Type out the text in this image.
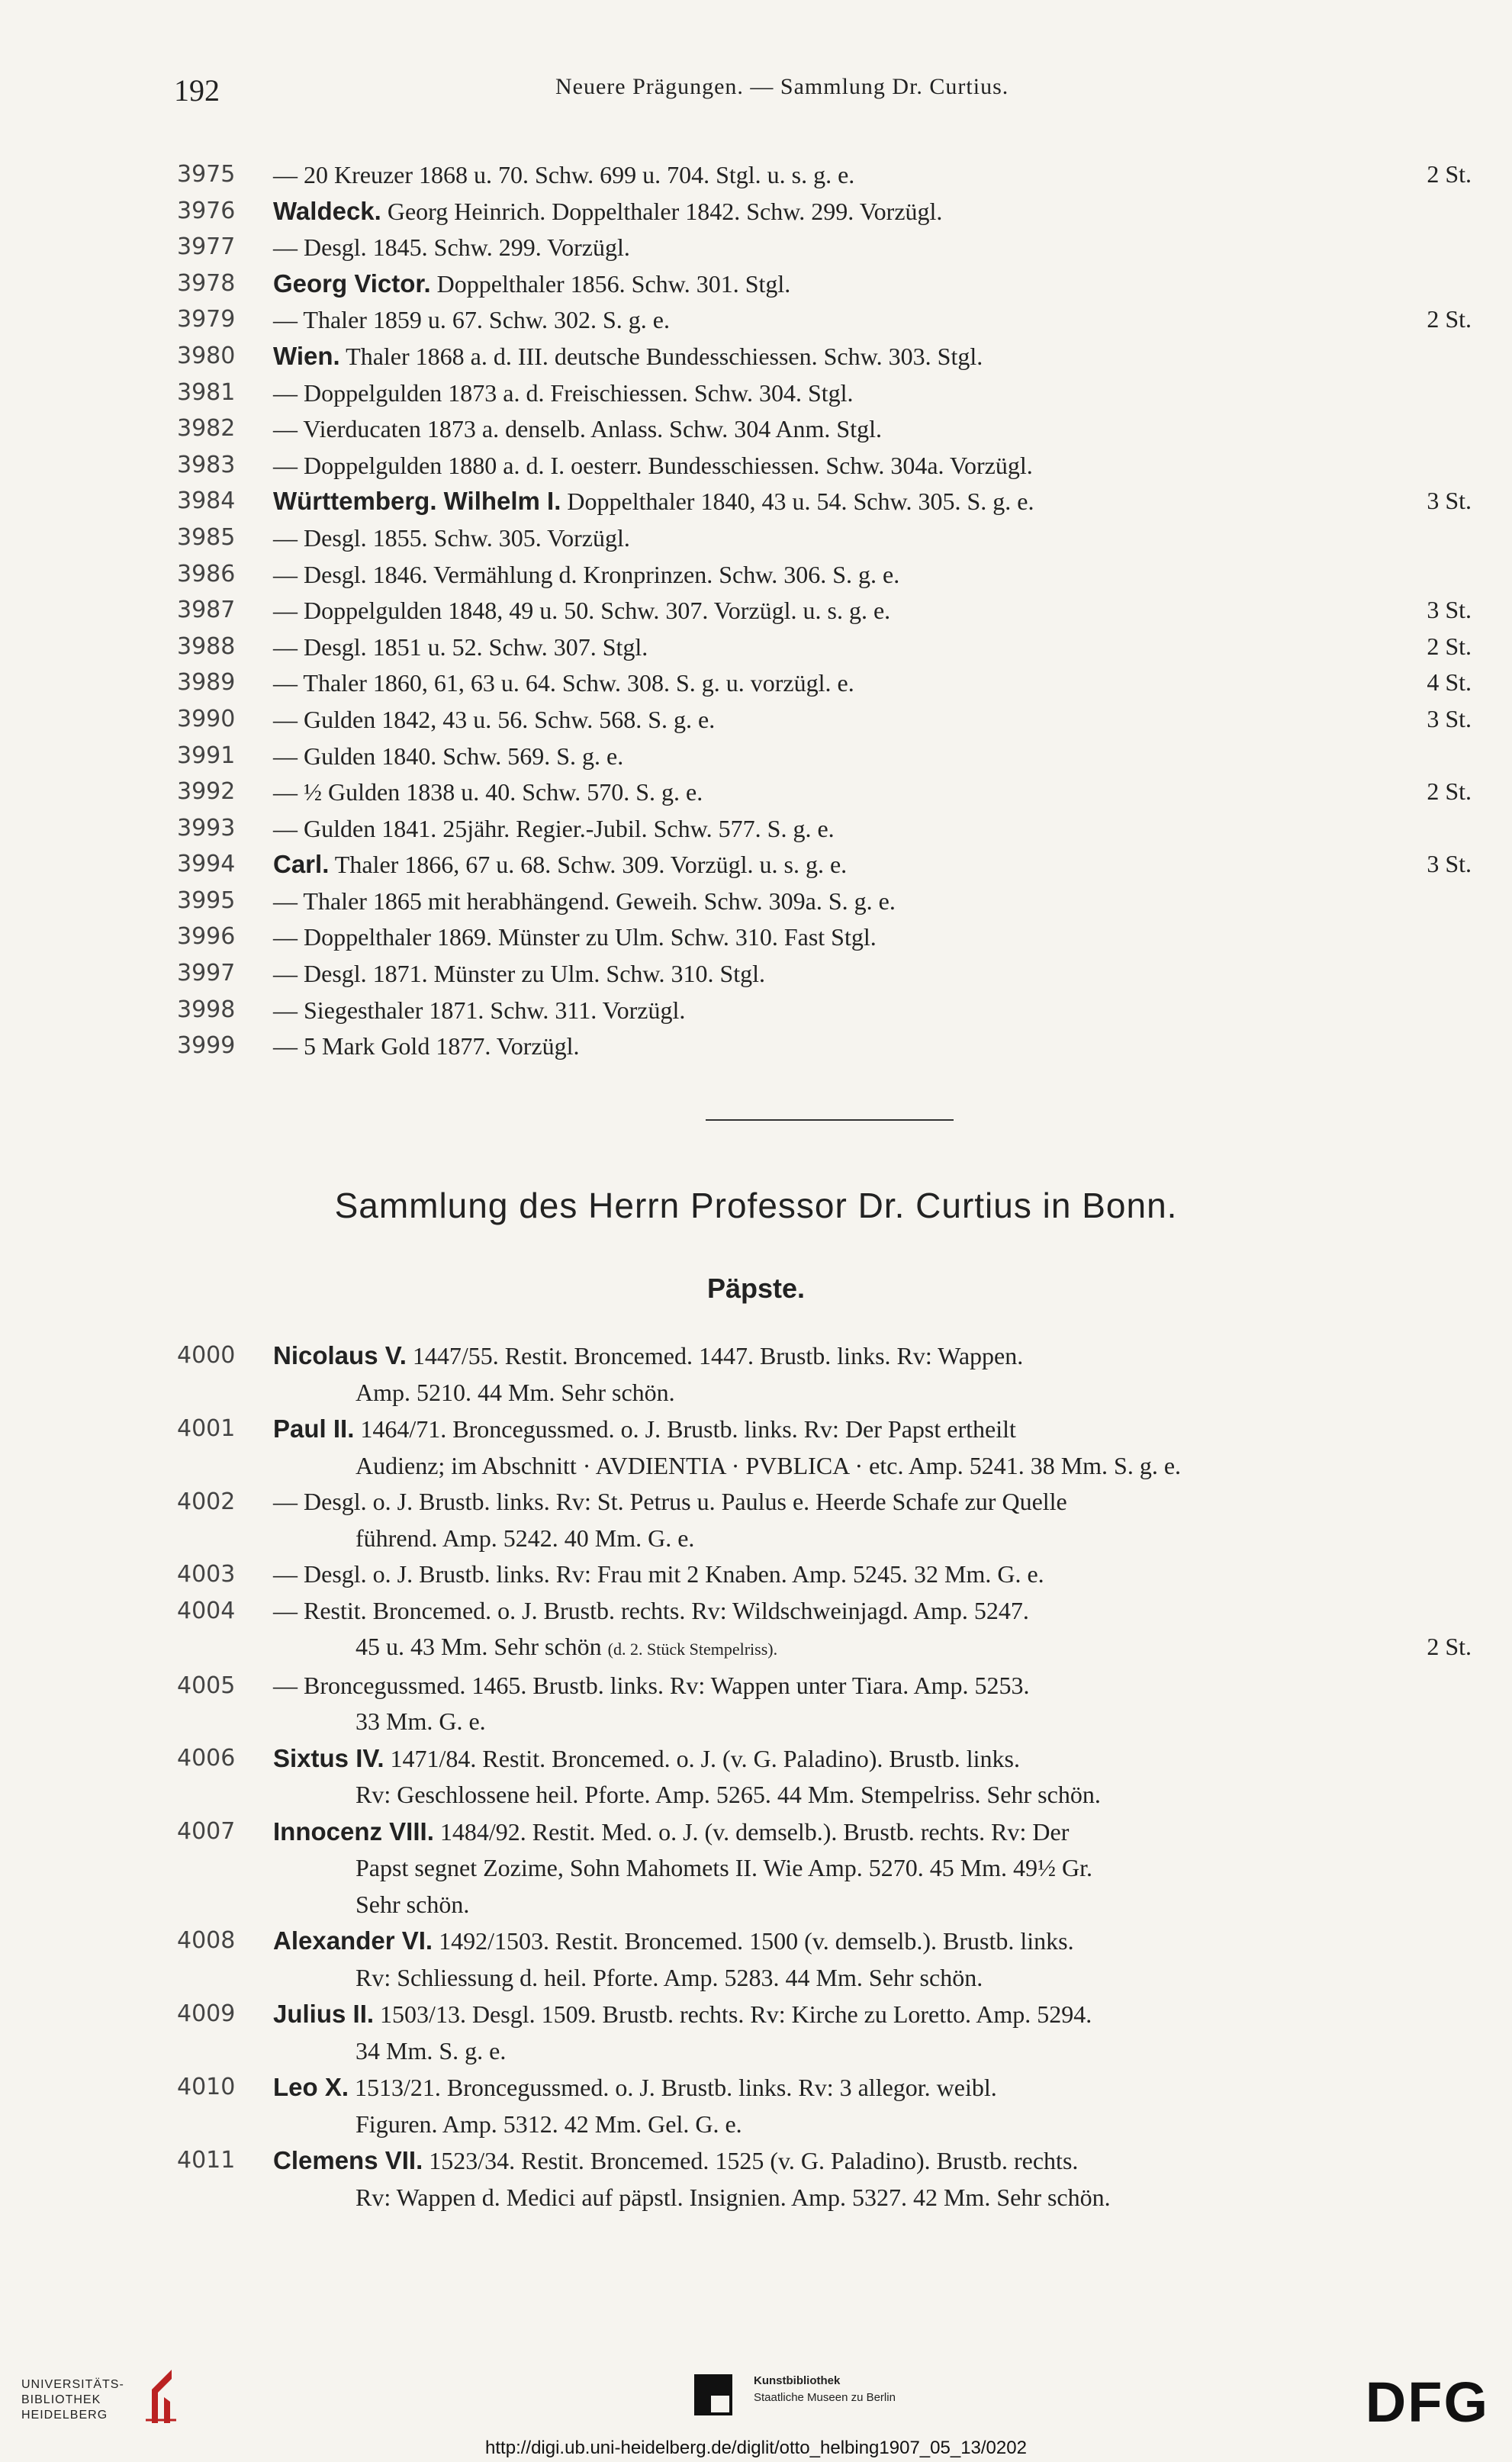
192	Neuere Prägungen. — Sammlung Dr. Curtius.
3975	— 20 Kreuzer 1868 u. 70. Schw. 699 u. 704. Stgl. u. s. g. e.	2 St.
3976	Waldeck. Georg Heinrich. Doppelthaler 1842. Schw. 299. Vorzügl.
3977	— Desgl. 1845. Schw. 299. Vorzügl.
3978	Georg Victor. Doppelthaler 1856. Schw. 301. Stgl.
3979	— Thaler 1859 u. 67. Schw. 302. S. g. e.	2 St.
3980	Wien. Thaler 1868 a. d. III. deutsche Bundesschiessen. Schw. 303. Stgl.
3981	— Doppelgulden 1873 a. d. Freischiessen. Schw. 304. Stgl.
3982	— Vierducaten 1873 a. denselb. Anlass. Schw. 304 Anm. Stgl.
3983	— Doppelgulden 1880 a. d. I. oesterr. Bundesschiessen. Schw. 304a. Vorzügl.
3984	Württemberg. Wilhelm I. Doppelthaler 1840, 43 u. 54. Schw. 305. S. g. e.	3 St.
3985	— Desgl. 1855. Schw. 305. Vorzügl.
3986	— Desgl. 1846. Vermählung d. Kronprinzen. Schw. 306. S. g. e.
3987	— Doppelgulden 1848, 49 u. 50. Schw. 307. Vorzügl. u. s. g. e.	3 St.
3988	— Desgl. 1851 u. 52. Schw. 307. Stgl.	2 St.
3989	— Thaler 1860, 61, 63 u. 64. Schw. 308. S. g. u. vorzügl. e.	4 St.
3990	— Gulden 1842, 43 u. 56. Schw. 568. S. g. e.	3 St.
3991	— Gulden 1840. Schw. 569. S. g. e.
3992	— ½ Gulden 1838 u. 40. Schw. 570. S. g. e.	2 St.
3993	— Gulden 1841. 25jähr. Regier.-Jubil. Schw. 577. S. g. e.
3994	Carl. Thaler 1866, 67 u. 68. Schw. 309. Vorzügl. u. s. g. e.	3 St.
3995	— Thaler 1865 mit herabhängend. Geweih. Schw. 309a. S. g. e.
3996	— Doppelthaler 1869. Münster zu Ulm. Schw. 310. Fast Stgl.
3997	— Desgl. 1871. Münster zu Ulm. Schw. 310. Stgl.
3998	— Siegesthaler 1871. Schw. 311. Vorzügl.
3999	— 5 Mark Gold 1877. Vorzügl.
Sammlung des Herrn Professor Dr. Curtius in Bonn.
Päpste.
4000	Nicolaus V. 1447/55. Restit. Broncemed. 1447. Brustb. links. Rv: Wappen.
Amp. 5210. 44 Mm. Sehr schön.
4001	Paul II. 1464/71. Broncegussmed. o. J. Brustb. links. Rv: Der Papst ertheilt
Audienz; im Abschnitt · AVDIENTIA · PVBLICA · etc. Amp. 5241. 38 Mm. S. g. e.
4002	— Desgl. o. J. Brustb. links. Rv: St. Petrus u. Paulus e. Heerde Schafe zur Quelle
führend. Amp. 5242. 40 Mm. G. e.
4003	— Desgl. o. J. Brustb. links. Rv: Frau mit 2 Knaben. Amp. 5245. 32 Mm. G. e.
4004	— Restit. Broncemed. o. J. Brustb. rechts. Rv: Wildschweinjagd. Amp. 5247.
45 u. 43 Mm. Sehr schön (d. 2. Stück Stempelriss).	2 St.
4005	— Broncegussmed. 1465. Brustb. links. Rv: Wappen unter Tiara. Amp. 5253.
33 Mm. G. e.
4006	Sixtus IV. 1471/84. Restit. Broncemed. o. J. (v. G. Paladino). Brustb. links.
Rv: Geschlossene heil. Pforte. Amp. 5265. 44 Mm. Stempelriss. Sehr schön.
4007	Innocenz VIII. 1484/92. Restit. Med. o. J. (v. demselb.). Brustb. rechts. Rv: Der
Papst segnet Zozime, Sohn Mahomets II. Wie Amp. 5270. 45 Mm. 49½ Gr.
Sehr schön.
4008	Alexander VI. 1492/1503. Restit. Broncemed. 1500 (v. demselb.). Brustb. links.
Rv: Schliessung d. heil. Pforte. Amp. 5283. 44 Mm. Sehr schön.
4009	Julius II. 1503/13. Desgl. 1509. Brustb. rechts. Rv: Kirche zu Loretto. Amp. 5294.
34 Mm. S. g. e.
4010	Leo X. 1513/21. Broncegussmed. o. J. Brustb. links. Rv: 3 allegor. weibl.
Figuren. Amp. 5312. 42 Mm. Gel. G. e.
4011	Clemens VII. 1523/34. Restit. Broncemed. 1525 (v. G. Paladino). Brustb. rechts.
Rv: Wappen d. Medici auf päpstl. Insignien. Amp. 5327. 42 Mm. Sehr schön.
UNIVERSITÄTS-
BIBLIOTHEK
HEIDELBERG
Kunstbibliothek
Staatliche Museen zu Berlin	DFG
http://digi.ub.uni-heidelberg.de/diglit/otto_helbing1907_05_13/0202
